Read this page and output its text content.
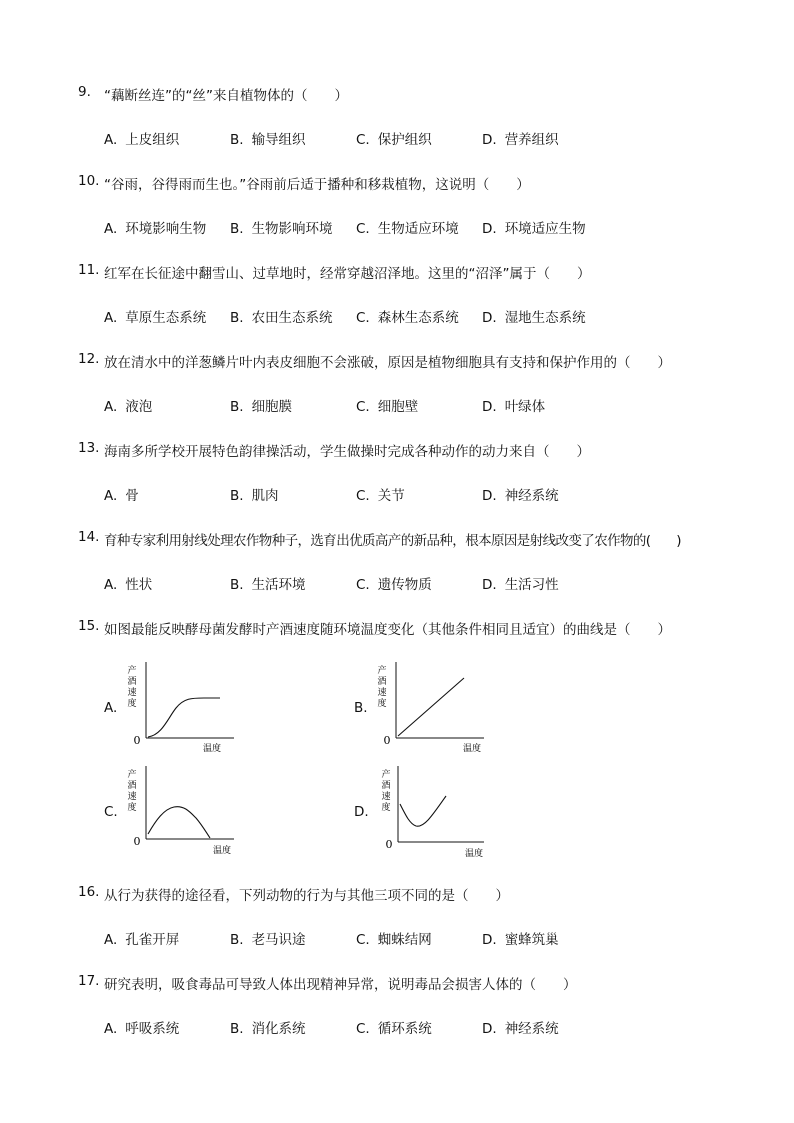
9. “藕断丝连”的“丝”来自植物体的（　　）
A. 上皮组织	B. 输导组织	C. 保护组织	D. 营养组织
10. “谷雨，谷得雨而生也。”谷雨前后适于播种和移栽植物，这说明（　　）
A. 环境影响生物 B. 生物影响环境 C. 生物适应环境 D. 环境适应生物
11. 红军在长征途中翻雪山、过草地时，经常穿越沼泽地。这里的“沼泽”属于（　　）
A. 草原生态系统 B. 农田生态系统 C. 森林生态系统 D. 湿地生态系统
12. 放在清水中的洋葱鳞片叶内表皮细胞不会涨破，原因是植物细胞具有支持和保护作用的（　　）
A. 液泡	B. 细胞膜	C. 细胞壁	D. 叶绿体
13. 海南多所学校开展特色韵律操活动，学生做操时完成各种动作的动力来自（　　）
A. 骨	B. 肌肉	C. 关节	D. 神经系统
14. 育种专家利用射线处理农作物种子，选育出优质高产的新品种，根本原因是射线改变了农作物的(　　)
A. 性状	B. 生活环境	C. 遗传物质	D. 生活习性
15. 如图最能反映酵母菌发酵时产酒速度随环境温度变化（其他条件相同且适宜）的曲线是（　　）
A.
产
酒
速
度
0
温度
B.
产
酒
速
度
0
温度
C.
产
酒
速
度
0
温度
D.
产
酒
速
度
0
温度
16. 从行为获得的途径看，下列动物的行为与其他三项不同的是（　　）
A. 孔雀开屏	B. 老马识途	C. 蜘蛛结网	D. 蜜蜂筑巢
17. 研究表明，吸食毒品可导致人体出现精神异常，说明毒品会损害人体的（　　）
A. 呼吸系统	B. 消化系统	C. 循环系统	D. 神经系统
